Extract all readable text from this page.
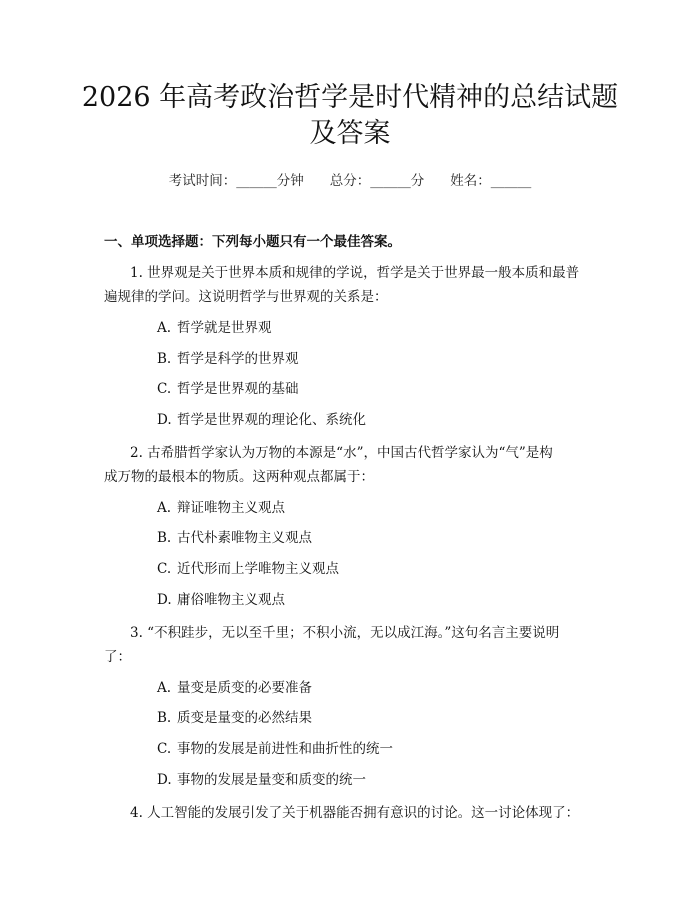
2026 年高考政治哲学是时代精神的总结试题
及答案
考试时间：______分钟 总分：______分 姓名：______
一、单项选择题：下列每小题只有一个最佳答案。
1. 世界观是关于世界本质和规律的学说，哲学是关于世界最一般本质和最普
遍规律的学问。这说明哲学与世界观的关系是：
A. 哲学就是世界观
B. 哲学是科学的世界观
C. 哲学是世界观的基础
D. 哲学是世界观的理论化、系统化
2. 古希腊哲学家认为万物的本源是“水”，中国古代哲学家认为“气”是构
成万物的最根本的物质。这两种观点都属于：
A. 辩证唯物主义观点
B. 古代朴素唯物主义观点
C. 近代形而上学唯物主义观点
D. 庸俗唯物主义观点
3. “不积跬步，无以至千里；不积小流，无以成江海。”这句名言主要说明
了：
A. 量变是质变的必要准备
B. 质变是量变的必然结果
C. 事物的发展是前进性和曲折性的统一
D. 事物的发展是量变和质变的统一
4. 人工智能的发展引发了关于机器能否拥有意识的讨论。这一讨论体现了：
